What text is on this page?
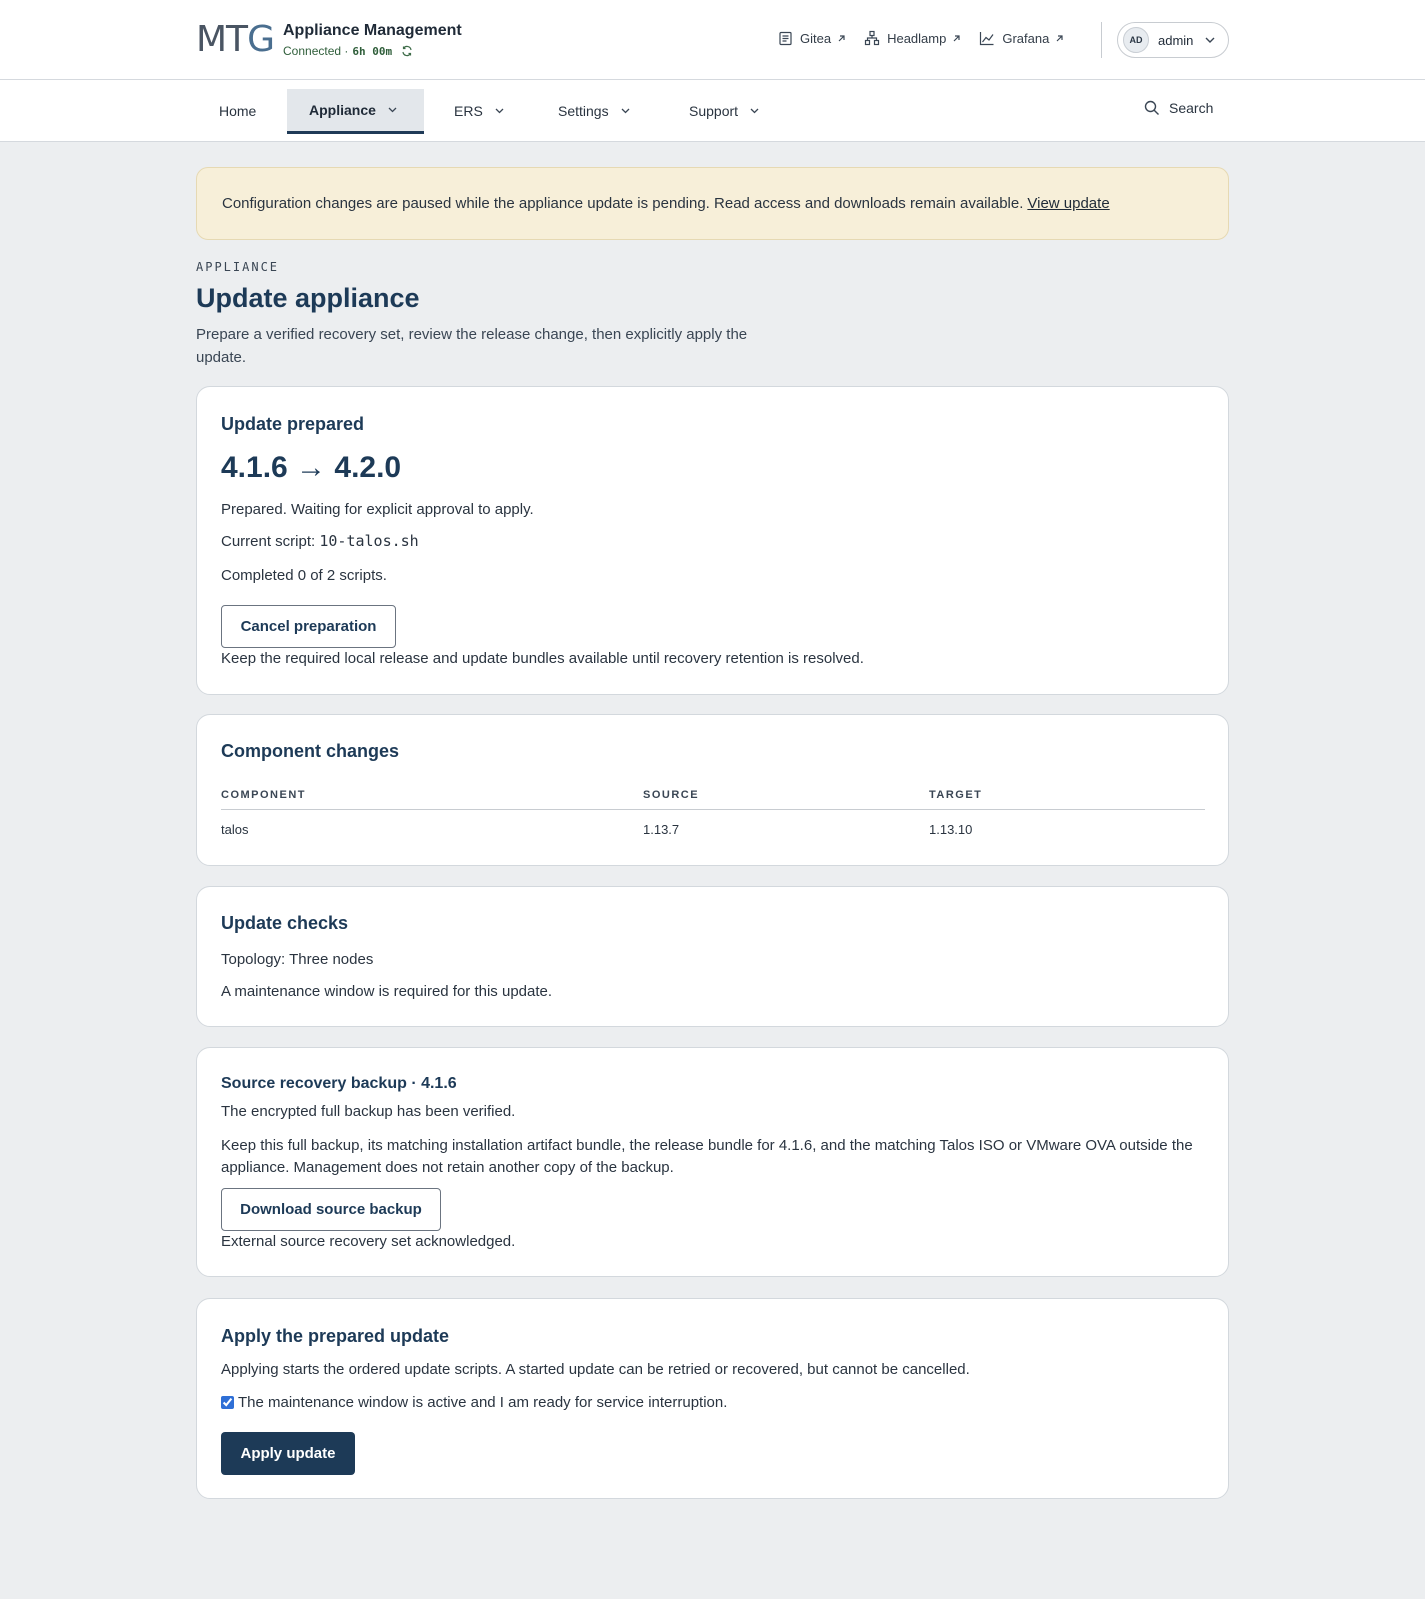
MTG Appliance Management
Connected · 6h 00m
Gitea	Headlamp	Grafana	AD	admin
Home	Appliance	ERS	Settings	Support	Search
Configuration changes are paused while the appliance update is pending. Read access and downloads remain available. View update
APPLIANCE
Update appliance
Prepare a verified recovery set, review the release change, then explicitly apply the update.
Update prepared
4.1.6 → 4.2.0
Prepared. Waiting for explicit approval to apply.
Current script: 10-talos.sh
Completed 0 of 2 scripts.
Cancel preparation
Keep the required local release and update bundles available until recovery retention is resolved.
Component changes
COMPONENT	SOURCE	TARGET
talos	1.13.7	1.13.10
Update checks
Topology: Three nodes
A maintenance window is required for this update.
Source recovery backup · 4.1.6
The encrypted full backup has been verified.
Keep this full backup, its matching installation artifact bundle, the release bundle for 4.1.6, and the matching Talos ISO or VMware OVA outside the appliance. Management does not retain another copy of the backup.
Download source backup
External source recovery set acknowledged.
Apply the prepared update
Applying starts the ordered update scripts. A started update can be retried or recovered, but cannot be cancelled.
The maintenance window is active and I am ready for service interruption.
Apply update
